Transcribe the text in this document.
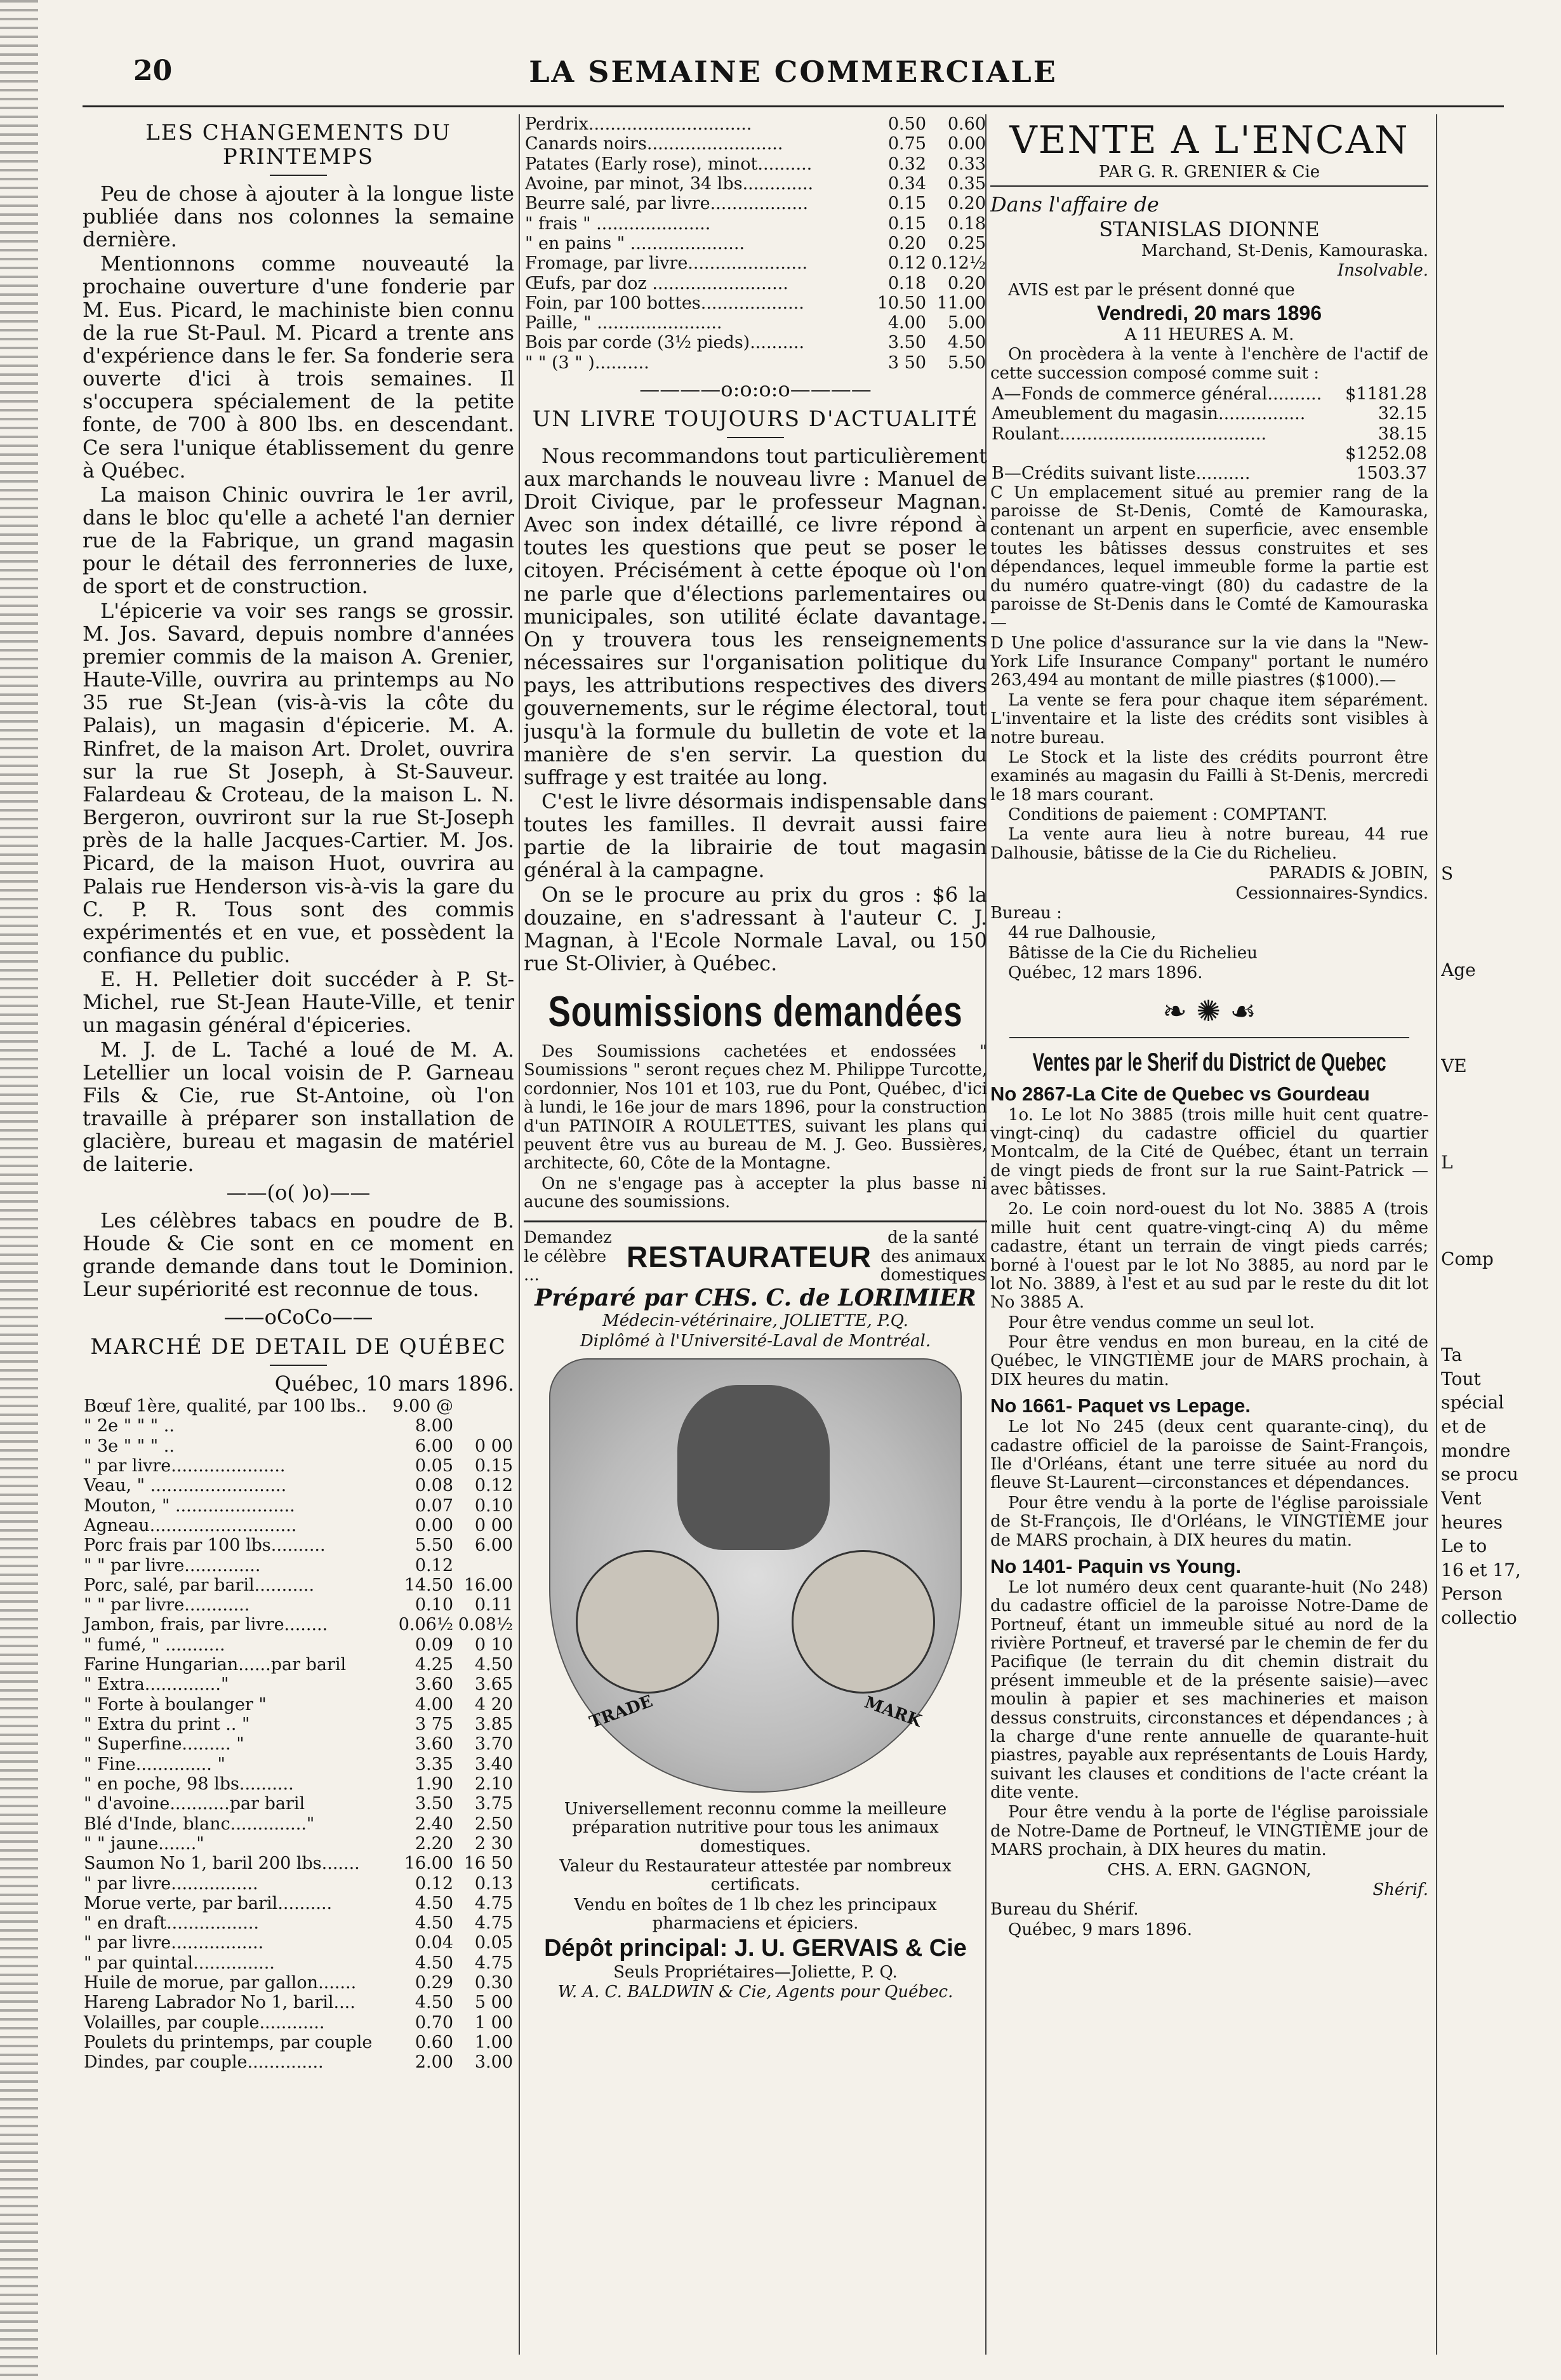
20	LA SEMAINE COMMERCIALE
LES CHANGEMENTS DU PRINTEMPS

Peu de chose à ajouter à la longue liste publiée dans nos colonnes la semaine dernière.

Mentionnons comme nouveauté la prochaine ouverture d'une fonderie par M. Eus. Picard, le machiniste bien connu de la rue St-Paul. M. Picard a trente ans d'expérience dans le fer. Sa fonderie sera ouverte d'ici à trois semaines. Il s'occupera spécialement de la petite fonte, de 700 à 800 lbs. en descendant. Ce sera l'unique établissement du genre à Québec.

La maison Chinic ouvrira le 1er avril, dans le bloc qu'elle a acheté l'an dernier rue de la Fabrique, un grand magasin pour le détail des ferronneries de luxe, de sport et de construction.

L'épicerie va voir ses rangs se grossir. M. Jos. Savard, depuis nombre d'années premier commis de la maison A. Grenier, Haute-Ville, ouvrira au printemps au No 35 rue St-Jean (vis-à-vis la côte du Palais), un magasin d'épicerie. M. A. Rinfret, de la maison Art. Drolet, ouvrira sur la rue St Joseph, à St-Sauveur. Falardeau & Croteau, de la maison L. N. Bergeron, ouvriront sur la rue St-Joseph près de la halle Jacques-Cartier. M. Jos. Picard, de la maison Huot, ouvrira au Palais rue Henderson vis-à-vis la gare du C. P. R. Tous sont des commis expérimentés et en vue, et possèdent la confiance du public.

E. H. Pelletier doit succéder à P. St-Michel, rue St-Jean Haute-Ville, et tenir un magasin général d'épiceries.

M. J. de L. Taché a loué de M. A. Letellier un local voisin de P. Garneau Fils & Cie, rue St-Antoine, où l'on travaille à préparer son installation de glacière, bureau et magasin de matériel de laiterie.

——(o( )o)——

Les célèbres tabacs en poudre de B. Houde & Cie sont en ce moment en grande demande dans tout le Dominion. Leur supériorité est reconnue de tous.

——oCoCo——
MARCHÉ DE DETAIL DE QUÉBEC

Québec, 10 mars 1896.

Bœuf 1ère, qualité, par 100 lbs..	9.00 @	
" 2e " " " ..	8.00	
" 3e " " " ..	6.00	0 00
" par livre.....................	0.05	0.15
Veau, " .........................	0.08	0.12
Mouton, " ......................	0.07	0.10
Agneau...........................	0.00	0 00
Porc frais par 100 lbs..........	5.50	6.00
" " par livre..............	0.12	
Porc, salé, par baril...........	14.50	16.00
" " par livre............	0.10	0.11
Jambon, frais, par livre........	0.06½	0.08½
" fumé, " ...........	0.09	0 10
Farine Hungarian......par baril	4.25	4.50
" Extra.............."	3.60	3.65
" Forte à boulanger "	4.00	4 20
" Extra du print .. "	3 75	3.85
" Superfine......... "	3.60	3.70
" Fine.............. "	3.35	3.40
" en poche, 98 lbs..........	1.90	2.10
" d'avoine...........par baril	3.50	3.75
Blé d'Inde, blanc.............."	2.40	2.50
" " jaune......."	2.20	2 30
Saumon No 1, baril 200 lbs.......	16.00	16 50
" par livre................	0.12	0.13
Morue verte, par baril..........	4.50	4.75
" en draft.................	4.50	4.75
" par livre.................	0.04	0.05
" par quintal...............	4.50	4.75
Huile de morue, par gallon.......	0.29	0.30
Hareng Labrador No 1, baril....	4.50	5 00
Volailles, par couple............	0.70	1 00
Poulets du printemps, par couple	0.60	1.00
Dindes, par couple..............	2.00	3.00
Perdrix..............................	0.50	0.60
Canards noirs.........................	0.75	0.00
Patates (Early rose), minot..........	0.32	0.33
Avoine, par minot, 34 lbs.............	0.34	0.35
Beurre salé, par livre..................	0.15	0.20
" frais " .....................	0.15	0.18
" en pains " .....................	0.20	0.25
Fromage, par livre......................	0.12	0.12½
Œufs, par doz .........................	0.18	0.20
Foin, par 100 bottes...................	10.50	11.00
Paille, " .......................	4.00	5.00
Bois par corde (3½ pieds)..........	3.50	4.50
" " (3 " )..........	3 50	5.50
————o:o:o:o————
UN LIVRE TOUJOURS D'ACTUALITÉ

Nous recommandons tout particulièrement aux marchands le nouveau livre : Manuel de Droit Civique, par le professeur Magnan. Avec son index détaillé, ce livre répond à toutes les questions que peut se poser le citoyen. Précisément à cette époque où l'on ne parle que d'élections parlementaires ou municipales, son utilité éclate davantage. On y trouvera tous les renseignements nécessaires sur l'organisation politique du pays, les attributions respectives des divers gouvernements, sur le régime électoral, tout jusqu'à la formule du bulletin de vote et la manière de s'en servir. La question du suffrage y est traitée au long.

C'est le livre désormais indispensable dans toutes les familles. Il devrait aussi faire partie de la librairie de tout magasin général à la campagne.

On se le procure au prix du gros : $6 la douzaine, en s'adressant à l'auteur C. J. Magnan, à l'Ecole Normale Laval, ou 150 rue St-Olivier, à Québec.

Soumissions demandées

Des Soumissions cachetées et endossées " Soumissions " seront reçues chez M. Philippe Turcotte, cordonnier, Nos 101 et 103, rue du Pont, Québec, d'ici à lundi, le 16e jour de mars 1896, pour la construction d'un PATINOIR A ROULETTES, suivant les plans qui peuvent être vus au bureau de M. J. Geo. Bussières, architecte, 60, Côte de la Montagne.

On ne s'engage pas à accepter la plus basse ni aucune des soumissions.

Demandez le célèbre ...
RESTAURATEUR
de la santé des animaux domestiques

Préparé par CHS. C. de LORIMIER

Médecin-vétérinaire, JOLIETTE, P.Q.

Diplômé à l'Université-Laval de Montréal.

TRADE	MARK

Universellement reconnu comme la meilleure préparation nutritive pour tous les animaux domestiques.

Valeur du Restaurateur attestée par nombreux certificats.

Vendu en boîtes de 1 lb chez les principaux pharmaciens et épiciers.

Dépôt principal: J. U. GERVAIS & Cie

Seuls Propriétaires—Joliette, P. Q.

W. A. C. BALDWIN & Cie, Agents pour Québec.

VENTE A L'ENCAN
PAR G. R. GRENIER & Cie

Dans l'affaire de

STANISLAS DIONNE

Marchand, St-Denis, Kamouraska.

Insolvable.

AVIS est par le présent donné que

Vendredi, 20 mars 1896

A 11 HEURES A. M.

On procèdera à la vente à l'enchère de l'actif de cette succession composé comme suit :

A—Fonds de commerce général..........	$1181.28
Ameublement du magasin................	32.15
Roulant......................................	38.15
	$1252.08
B—Crédits suivant liste..........	1503.37

C Un emplacement situé au premier rang de la paroisse de St-Denis, Comté de Kamouraska, contenant un arpent en superficie, avec ensemble toutes les bâtisses dessus construites et ses dépendances, lequel immeuble forme la partie est du numéro quatre-vingt (80) du cadastre de la paroisse de St-Denis dans le Comté de Kamouraska—

D Une police d'assurance sur la vie dans la "New-York Life Insurance Company" portant le numéro 263,494 au montant de mille piastres ($1000).—

La vente se fera pour chaque item séparément. L'inventaire et la liste des crédits sont visibles à notre bureau.

Le Stock et la liste des crédits pourront être examinés au magasin du Failli à St-Denis, mercredi le 18 mars courant.

Conditions de paiement : COMPTANT.

La vente aura lieu à notre bureau, 44 rue Dalhousie, bâtisse de la Cie du Richelieu.

PARADIS & JOBIN,

Cessionnaires-Syndics.

Bureau :

44 rue Dalhousie,

Bâtisse de la Cie du Richelieu

Québec, 12 mars 1896.

❧ ✺ ☙
Ventes par le Sherif du District de Quebec
No 2867-La Cite de Quebec vs Gourdeau

1o. Le lot No 3885 (trois mille huit cent quatre-vingt-cinq) du cadastre officiel du quartier Montcalm, de la Cité de Québec, étant un terrain de vingt pieds de front sur la rue Saint-Patrick —avec bâtisses.

2o. Le coin nord-ouest du lot No. 3885 A (trois mille huit cent quatre-vingt-cinq A) du même cadastre, étant un terrain de vingt pieds carrés; borné à l'ouest par le lot No 3885, au nord par le lot No. 3889, à l'est et au sud par le reste du dit lot No 3885 A.

Pour être vendus comme un seul lot.

Pour être vendus en mon bureau, en la cité de Québec, le VINGTIÈME jour de MARS prochain, à DIX heures du matin.

No 1661- Paquet vs Lepage.

Le lot No 245 (deux cent quarante-cinq), du cadastre officiel de la paroisse de Saint-François, Ile d'Orléans, étant une terre située au nord du fleuve St-Laurent—circonstances et dépendances.

Pour être vendu à la porte de l'église paroissiale de St-François, Ile d'Orléans, le VINGTIÈME jour de MARS prochain, à DIX heures du matin.

No 1401- Paquin vs Young.

Le lot numéro deux cent quarante-huit (No 248) du cadastre officiel de la paroisse Notre-Dame de Portneuf, étant un immeuble situé au nord de la rivière Portneuf, et traversé par le chemin de fer du Pacifique (le terrain du dit chemin distrait du présent immeuble et de la présente saisie)—avec moulin à papier et ses machineries et maison dessus construits, circonstances et dépendances ; à la charge d'une rente annuelle de quarante-huit piastres, payable aux représentants de Louis Hardy, suivant les clauses et conditions de l'acte créant la dite vente.

Pour être vendu à la porte de l'église paroissiale de Notre-Dame de Portneuf, le VINGTIÈME jour de MARS prochain, à DIX heures du matin.

CHS. A. ERN. GAGNON,

Shérif.

Bureau du Shérif.

Québec, 9 mars 1896.

S
Age
VE
L
Comp
Ta
Tout
spécial
et de
mondre
se procu
Vent
heures
Le to
16 et 17,
Person
collectio
